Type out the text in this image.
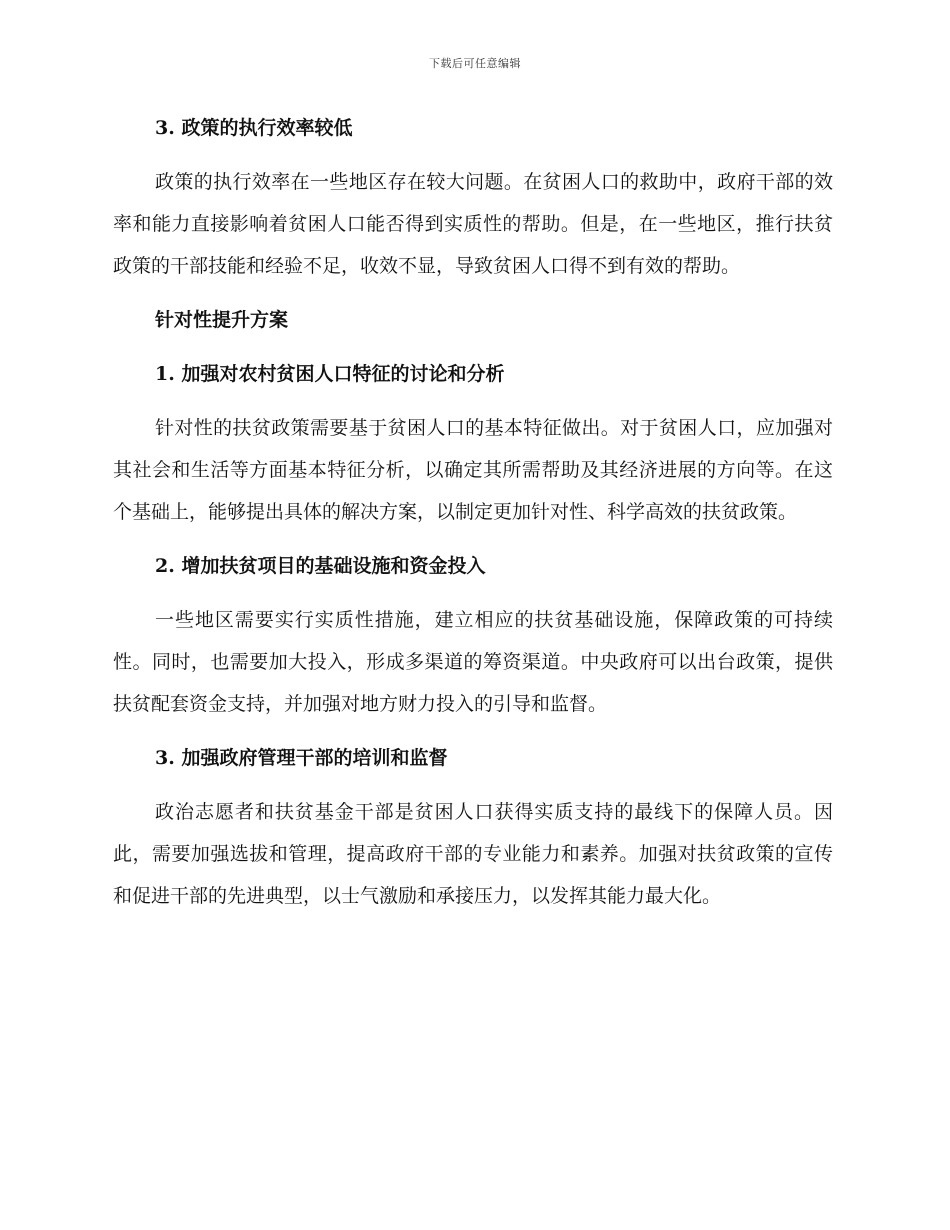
下载后可任意编辑

3. 政策的执行效率较低

政策的执行效率在一些地区存在较大问题。在贫困人口的救助中，政府干部的效率和能力直接影响着贫困人口能否得到实质性的帮助。但是，在一些地区，推行扶贫政策的干部技能和经验不足，收效不显，导致贫困人口得不到有效的帮助。

针对性提升方案

1. 加强对农村贫困人口特征的讨论和分析

针对性的扶贫政策需要基于贫困人口的基本特征做出。对于贫困人口，应加强对其社会和生活等方面基本特征分析，以确定其所需帮助及其经济进展的方向等。在这个基础上，能够提出具体的解决方案，以制定更加针对性、科学高效的扶贫政策。

2. 增加扶贫项目的基础设施和资金投入

一些地区需要实行实质性措施，建立相应的扶贫基础设施，保障政策的可持续性。同时，也需要加大投入，形成多渠道的筹资渠道。中央政府可以出台政策，提供扶贫配套资金支持，并加强对地方财力投入的引导和监督。

3. 加强政府管理干部的培训和监督

政治志愿者和扶贫基金干部是贫困人口获得实质支持的最线下的保障人员。因此，需要加强选拔和管理，提高政府干部的专业能力和素养。加强对扶贫政策的宣传和促进干部的先进典型，以士气激励和承接压力，以发挥其能力最大化。
